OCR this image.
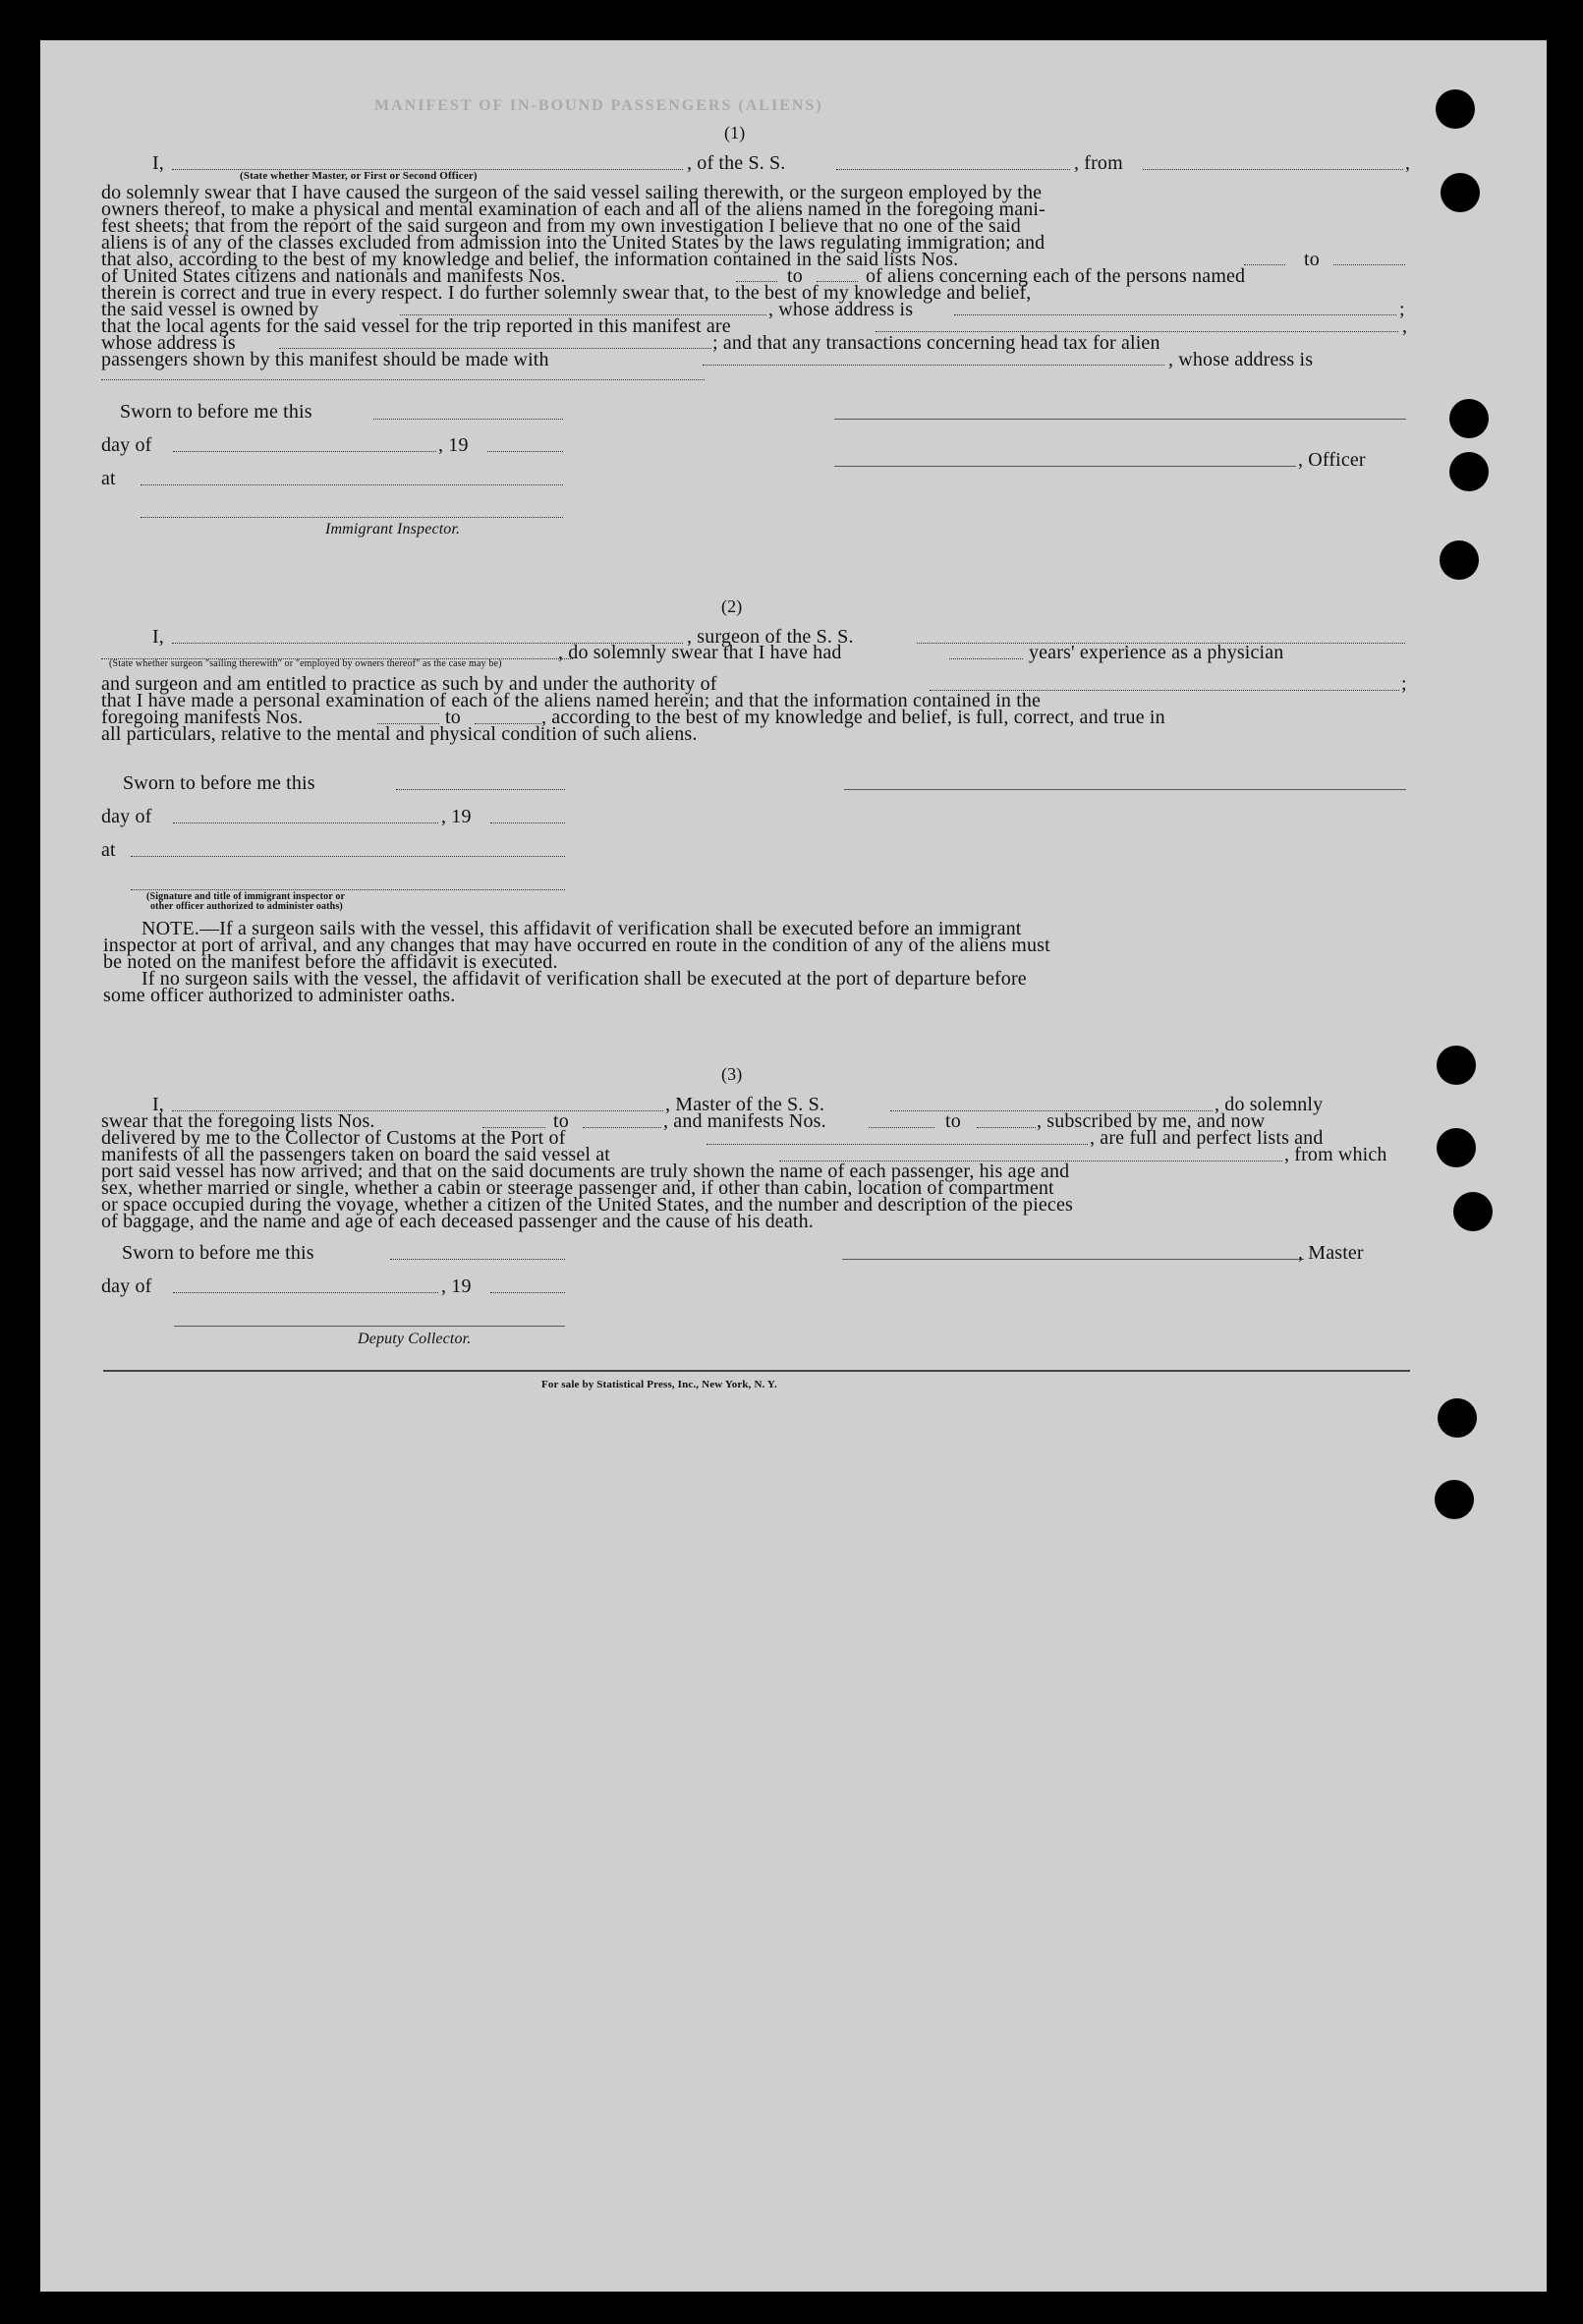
MANIFEST OF IN-BOUND PASSENGERS (ALIENS)
(1)
I,
(State whether Master, or First or Second Officer)
, of the S. S.	, from	,
do solemnly swear that I have caused the surgeon of the said vessel sailing therewith, or the surgeon employed by the
owners thereof, to make a physical and mental examination of each and all of the aliens named in the foregoing mani-
fest sheets; that from the report of the said surgeon and from my own investigation I believe that no one of the said
aliens is of any of the classes excluded from admission into the United States by the laws regulating immigration; and
that also, according to the best of my knowledge and belief, the information contained in the said lists Nos.	to
of United States citizens and nationals and manifests Nos.	to	of aliens concerning each of the persons named
therein is correct and true in every respect. I do further solemnly swear that, to the best of my knowledge and belief,
the said vessel is owned by	, whose address is	;
that the local agents for the said vessel for the trip reported in this manifest are	,
whose address is	; and that any transactions concerning head tax for alien
passengers shown by this manifest should be made with	, whose address is
Sworn to before me this
day of	, 19
, Officer
at
Immigrant Inspector.
(2)
I,	, surgeon of the S. S.
, do solemnly swear that I have had	years' experience as a physician
(State whether surgeon "sailing therewith" or "employed by owners thereof" as the case may be)
and surgeon and am entitled to practice as such by and under the authority of	;
that I have made a personal examination of each of the aliens named herein; and that the information contained in the
foregoing manifests Nos.	to	, according to the best of my knowledge and belief, is full, correct, and true in
all particulars, relative to the mental and physical condition of such aliens.
Sworn to before me this
day of	, 19
at
(Signature and title of immigrant inspector or
other officer authorized to administer oaths)
NOTE.—If a surgeon sails with the vessel, this affidavit of verification shall be executed before an immigrant
inspector at port of arrival, and any changes that may have occurred en route in the condition of any of the aliens must
be noted on the manifest before the affidavit is executed.
If no surgeon sails with the vessel, the affidavit of verification shall be executed at the port of departure before
some officer authorized to administer oaths.
(3)
I,	, Master of the S. S.	, do solemnly
swear that the foregoing lists Nos.	to	, and manifests Nos.	to	, subscribed by me, and now
delivered by me to the Collector of Customs at the Port of	, are full and perfect lists and
manifests of all the passengers taken on board the said vessel at	, from which
port said vessel has now arrived; and that on the said documents are truly shown the name of each passenger, his age and
sex, whether married or single, whether a cabin or steerage passenger and, if other than cabin, location of compartment
or space occupied during the voyage, whether a citizen of the United States, and the number and description of the pieces
of baggage, and the name and age of each deceased passenger and the cause of his death.
Sworn to before me this	, Master
day of	, 19
Deputy Collector.
For sale by Statistical Press, Inc., New York, N. Y.
